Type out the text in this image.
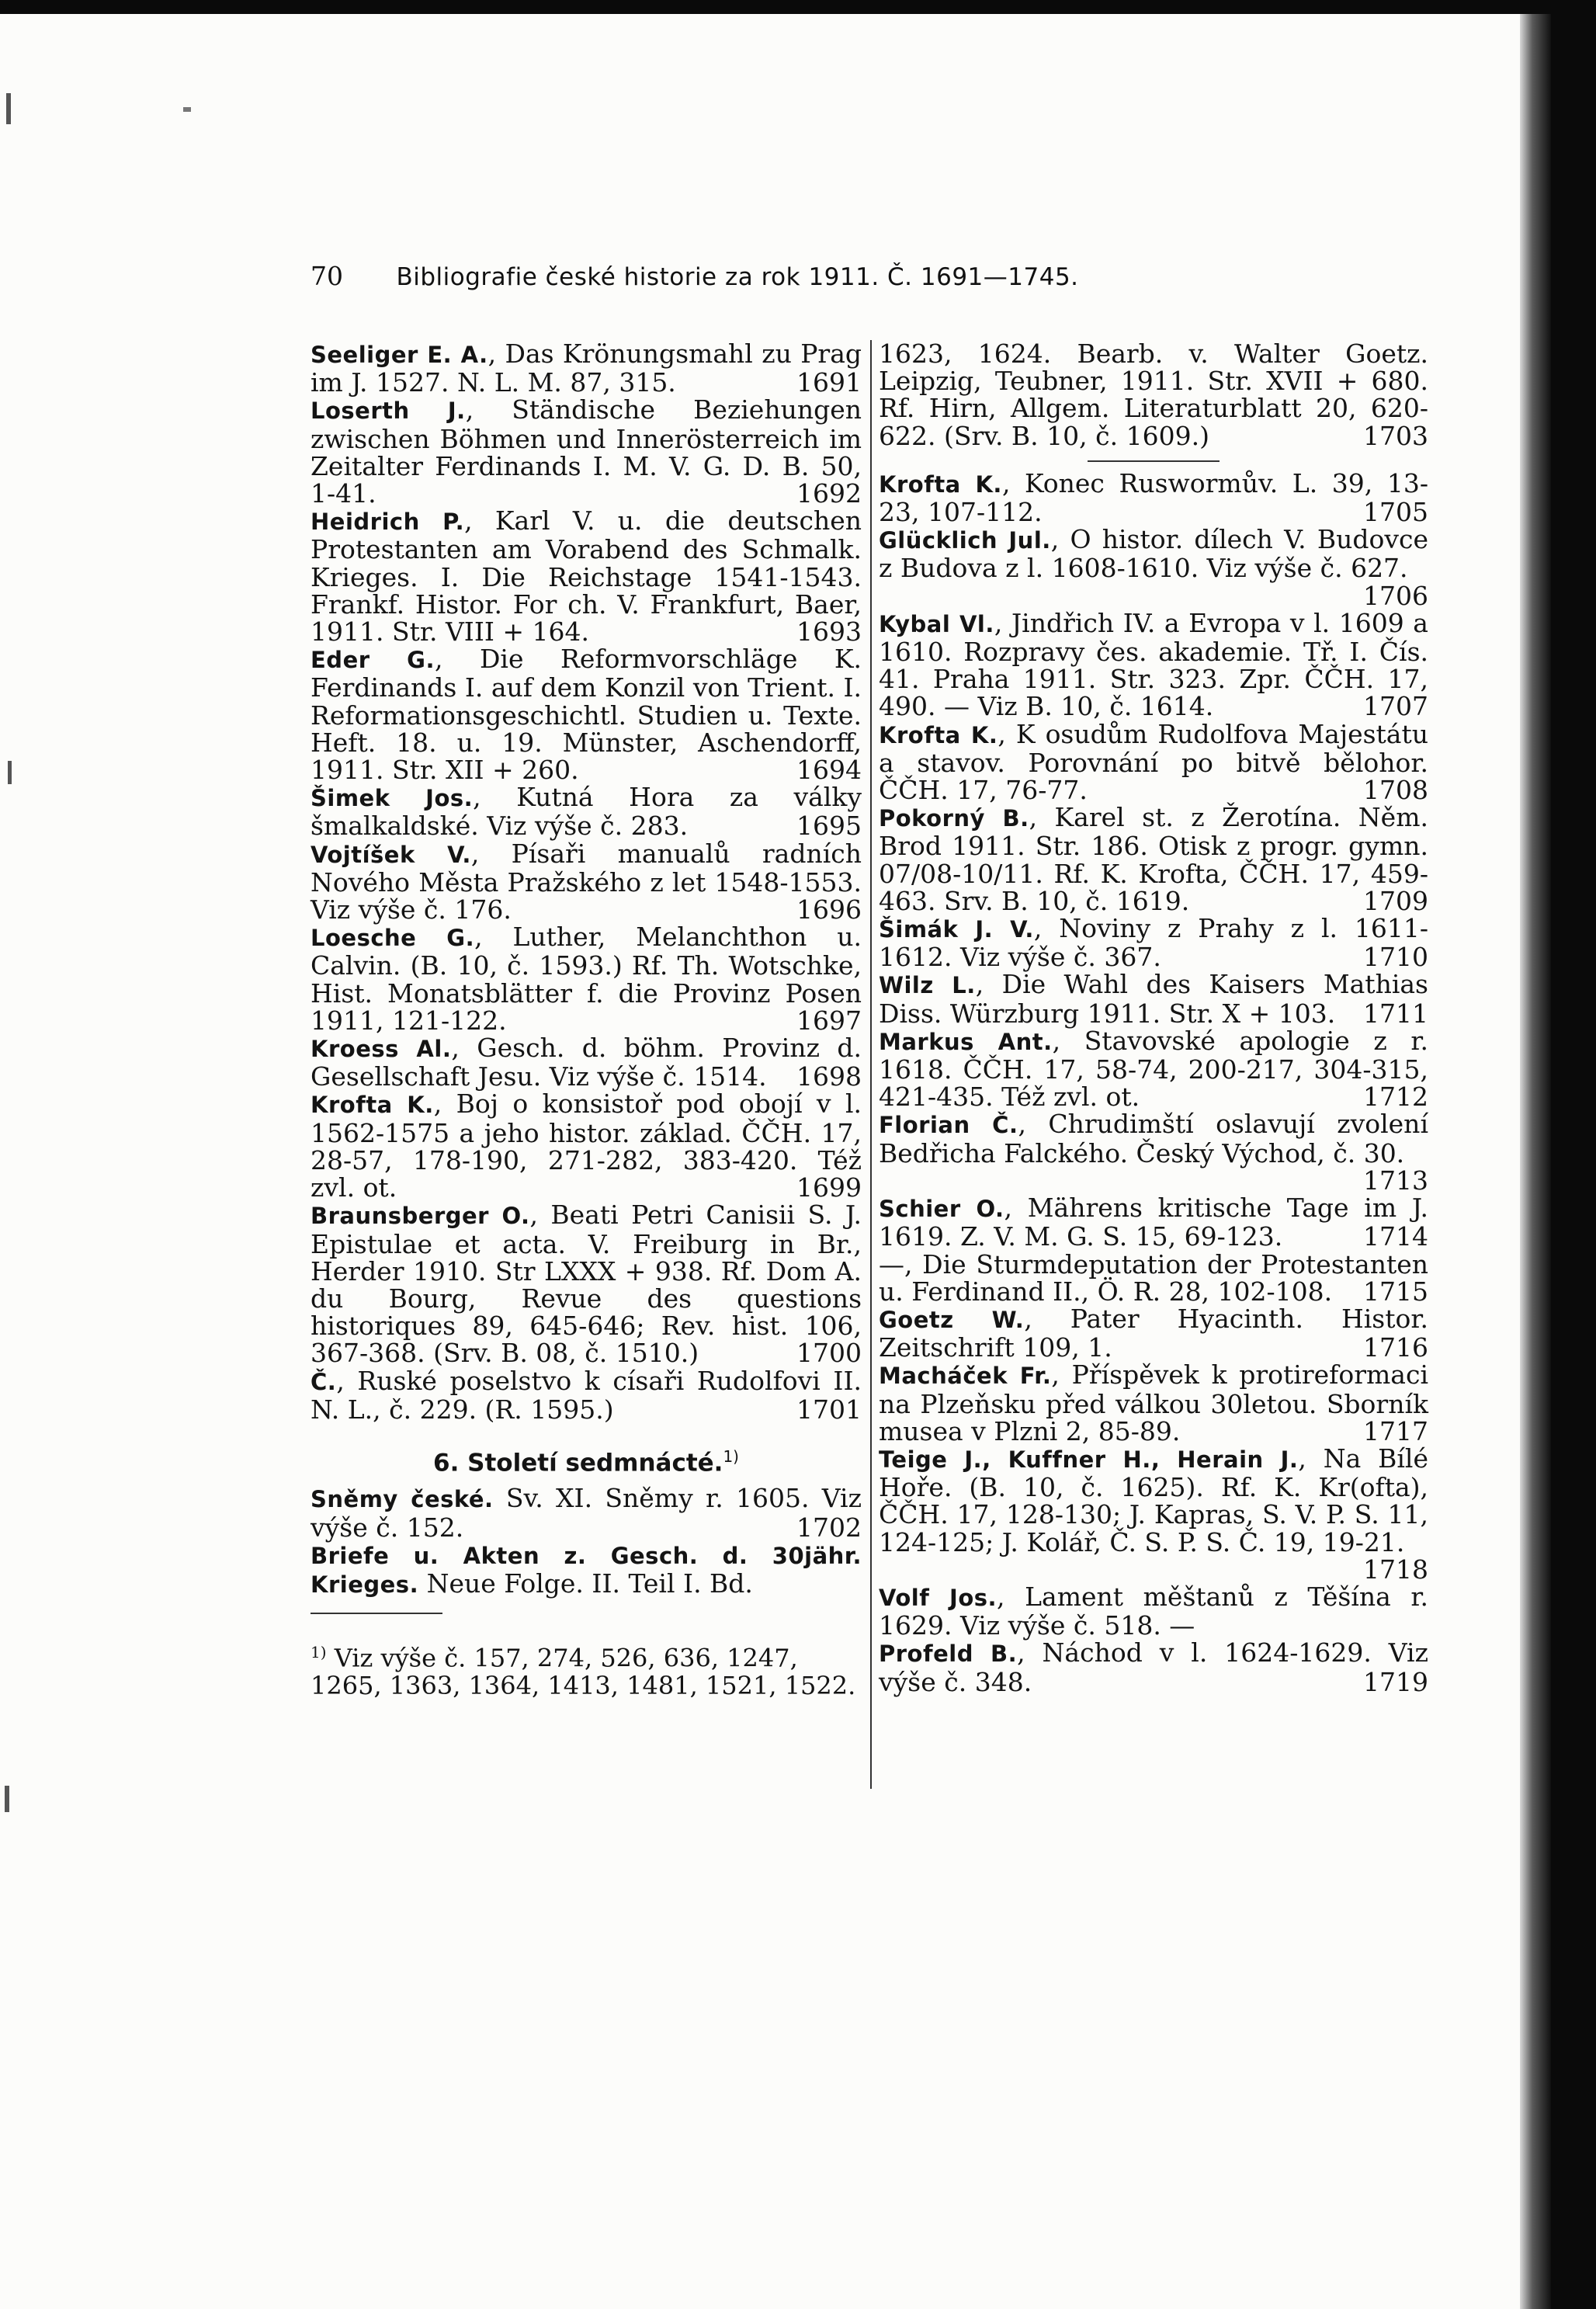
70 Bibliografie české historie za rok 1911. Č. 1691—1745.

Seeliger E. A., Das Krönungsmahl zu Prag im J. 1527. N. L. M. 87, 315.	1691

Loserth J., Ständische Beziehungen zwischen Böhmen und Innerösterreich im Zeitalter Ferdinands I. M. V. G. D. B. 50, 1-41.	1692

Heidrich P., Karl V. u. die deutschen Protestanten am Vorabend des Schmalk. Krieges. I. Die Reichstage 1541-1543. Frankf. Histor. For ch. V. Frankfurt, Baer, 1911. Str. VIII + 164.	1693

Eder G., Die Reformvorschläge K. Ferdinands I. auf dem Konzil von Trient. I. Reformationsgeschichtl. Studien u. Texte. Heft. 18. u. 19. Münster, Aschendorff, 1911. Str. XII + 260.	1694

Šimek Jos., Kutná Hora za války šmalkaldské. Viz výše č. 283.	1695

Vojtíšek V., Písaři manualů radních Nového Města Pražského z let 1548-1553. Viz výše č. 176.	1696

Loesche G., Luther, Melanchthon u. Calvin. (B. 10, č. 1593.) Rf. Th. Wotschke, Hist. Monatsblätter f. die Provinz Posen 1911, 121-122.	1697

Kroess Al., Gesch. d. böhm. Provinz d. Gesellschaft Jesu. Viz výše č. 1514. 1698

Krofta K., Boj o konsistoř pod obojí v l. 1562-1575 a jeho histor. základ. ČČH. 17, 28-57, 178-190, 271-282, 383-420. Též zvl. ot.	1699

Braunsberger O., Beati Petri Canisii S. J. Epistulae et acta. V. Freiburg in Br., Herder 1910. Str LXXX + 938. Rf. Dom A. du Bourg, Revue des questions historiques 89, 645-646; Rev. hist. 106, 367-368. (Srv. B. 08, č. 1510.)	1700

Č., Ruské poselstvo k císaři Rudolfovi II. N. L., č. 229. (R. 1595.)	1701

6. Století sedmnácté.$^{1)}$

Sněmy české. Sv. XI. Sněmy r. 1605. Viz výše č. 152.	1702

Briefe u. Akten z. Gesch. d. 30jähr. Krieges. Neue Folge. II. Teil I. Bd.

$^{1)}$ Viz výše č. 157, 274, 526, 636, 1247, 1265, 1363, 1364, 1413, 1481, 1521, 1522.

1623, 1624. Bearb. v. Walter Goetz. Leipzig, Teubner, 1911. Str. XVII + 680. Rf. Hirn, Allgem. Literaturblatt 20, 620-622. (Srv. B. 10, č. 1609.)	1703

Krofta K., Konec Ruswormův. L. 39, 13-23, 107-112.	1705

Glücklich Jul., O histor. dílech V. Budovce z Budova z l. 1608-1610. Viz výše č. 627.
1706

Kybal Vl., Jindřich IV. a Evropa v l. 1609 a 1610. Rozpravy čes. akademie. Tř. I. Čís. 41. Praha 1911. Str. 323. Zpr. ČČH. 17, 490. — Viz B. 10, č. 1614.	1707

Krofta K., K osudům Rudolfova Majestátu a stavov. Porovnání po bitvě bělohor. ČČH. 17, 76-77.	1708

Pokorný B., Karel st. z Žerotína. Něm. Brod 1911. Str. 186. Otisk z progr. gymn. 07/08-10/11. Rf. K. Krofta, ČČH. 17, 459-463. Srv. B. 10, č. 1619.	1709

Šimák J. V., Noviny z Prahy z l. 1611-1612. Viz výše č. 367.	1710

Wilz L., Die Wahl des Kaisers Mathias Diss. Würzburg 1911. Str. X + 103. 1711

Markus Ant., Stavovské apologie z r. 1618. ČČH. 17, 58-74, 200-217, 304-315, 421-435. Též zvl. ot.	1712

Florian Č., Chrudimští oslavují zvolení Bedřicha Falckého. Český Východ, č. 30.
1713

Schier O., Mährens kritische Tage im J. 1619. Z. V. M. G. S. 15, 69-123.	1714

—, Die Sturmdeputation der Protestanten u. Ferdinand II., Ö. R. 28, 102-108. 1715

Goetz W., Pater Hyacinth. Histor. Zeitschrift 109, 1.	1716

Macháček Fr., Příspěvek k protireformaci na Plzeňsku před válkou 30letou. Sborník musea v Plzni 2, 85-89.	1717

Teige J., Kuffner H., Herain J., Na Bílé Hoře. (B. 10, č. 1625). Rf. K. Kr(ofta), ČČH. 17, 128-130; J. Kapras, S. V. P. S. 11, 124-125; J. Kolář, Č. S. P. S. Č. 19, 19-21.
1718

Volf Jos., Lament měštanů z Těšína r. 1629. Viz výše č. 518. —

Profeld B., Náchod v l. 1624-1629. Viz výše č. 348.	1719
